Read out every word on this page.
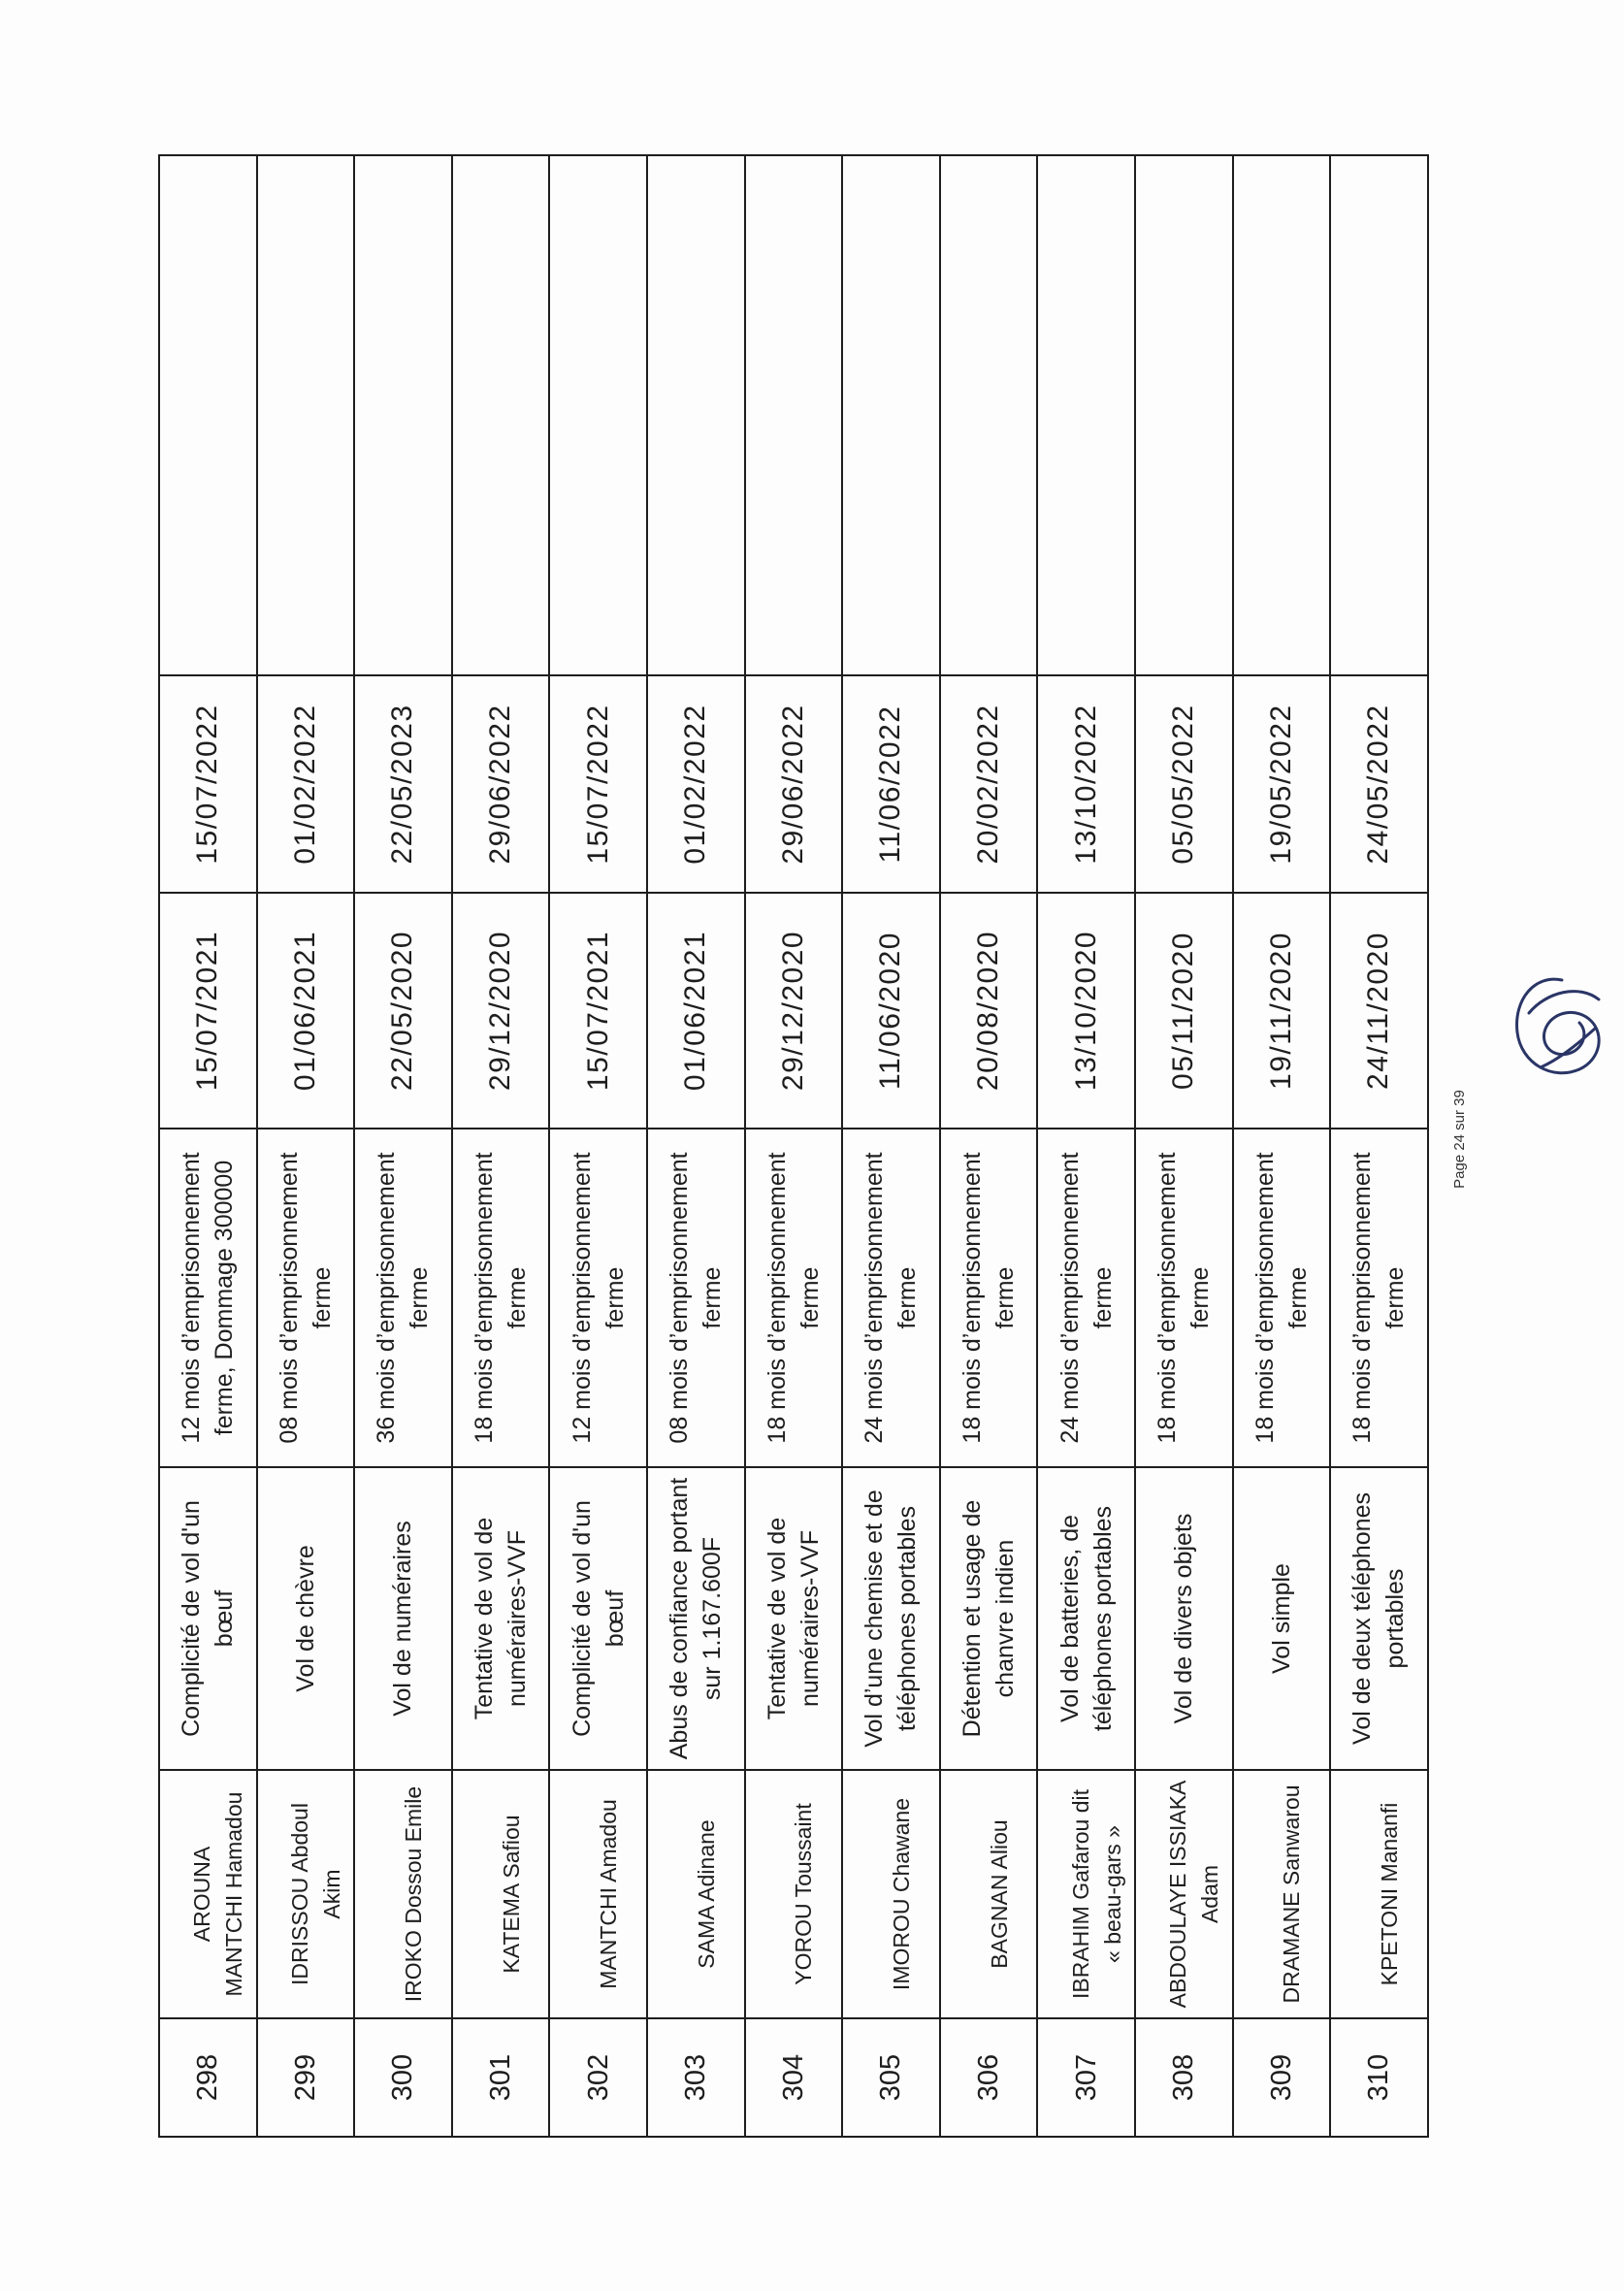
298	AROUNA
MANTCHI Hamadou	Complicité de vol d'un
bœuf	12 mois d’emprisonnement
ferme, Dommage 300000	15/07/2021	15/07/2022	
299	IDRISSOU Abdoul
Akim	Vol de chèvre	08 mois d’emprisonnement
ferme	01/06/2021	01/02/2022	
300	IROKO Dossou Emile	Vol de numéraires	36 mois d’emprisonnement
ferme	22/05/2020	22/05/2023	
301	KATEMA Safiou	Tentative de vol de
numéraires-VVF	18 mois d’emprisonnement
ferme	29/12/2020	29/06/2022	
302	MANTCHI Amadou	Complicité de vol d'un
bœuf	12 mois d’emprisonnement
ferme	15/07/2021	15/07/2022	
303	SAMA Adinane	Abus de confiance portant
sur 1.167.600F	08 mois d’emprisonnement
ferme	01/06/2021	01/02/2022	
304	YOROU Toussaint	Tentative de vol de
numéraires-VVF	18 mois d’emprisonnement
ferme	29/12/2020	29/06/2022	
305	IMOROU Chawane	Vol d’une chemise et de
téléphones portables	24 mois d’emprisonnement
ferme	11/06/2020	11/06/2022	
306	BAGNAN Aliou	Détention et usage de
chanvre indien	18 mois d’emprisonnement
ferme	20/08/2020	20/02/2022	
307	IBRAHIM Gafarou dit
« beau-gars »	Vol de batteries, de
téléphones portables	24 mois d’emprisonnement
ferme	13/10/2020	13/10/2022	
308	ABDOULAYE ISSIAKA
Adam	Vol de divers objets	18 mois d’emprisonnement
ferme	05/11/2020	05/05/2022	
309	DRAMANE Sanwarou	Vol simple	18 mois d’emprisonnement
ferme	19/11/2020	19/05/2022	
310	KPETONI Mananfi	Vol de deux téléphones
portables	18 mois d’emprisonnement
ferme	24/11/2020	24/05/2022	
Page 24 sur 39
